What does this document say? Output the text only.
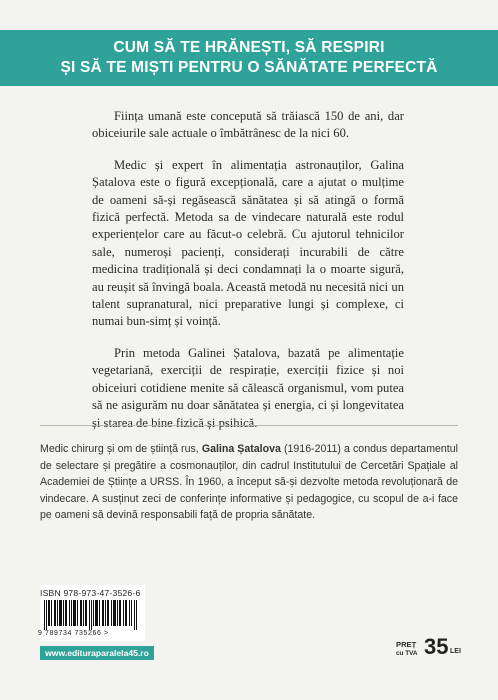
CUM SĂ TE HRĂNEȘTI, SĂ RESPIRI
ȘI SĂ TE MIȘTI PENTRU O SĂNĂTATE PERFECTĂ

Ființa umană este concepută să trăiască 150 de ani, dar obiceiurile sale actuale o îmbătrânesc de la nici 60.

Medic și expert în alimentația astronauților, Galina Șatalova este o figură excepțională, care a ajutat o mulțime de oameni să-și regăsească sănătatea și să atingă o formă fizică perfectă. Metoda sa de vindecare naturală este rodul experiențelor care au făcut-o celebră. Cu ajutorul tehnicilor sale, numeroși pacienți, considerați incurabili de către medicina tradițională și deci condamnați la o moarte sigură, au reușit să învingă boala. Această metodă nu necesită nici un talent supranatural, nici preparative lungi și complexe, ci numai bun-simț și voință.

Prin metoda Galinei Șatalova, bazată pe alimentație vegetariană, exerciții de respirație, exerciții fizice și noi obiceiuri cotidiene menite să călească organismul, vom putea să ne asigurăm nu doar sănătatea și energia, ci și longevitatea și starea de bine fizică și psihică.

Medic chirurg și om de știință rus, Galina Șatalova (1916-2011) a condus departamentul de selectare și pregătire a cosmonauților, din cadrul Institutului de Cercetări Spațiale al Academiei de Științe a URSS. În 1960, a început să-și dezvolte metoda revoluționară de vindecare. A susținut zeci de conferințe informative și pedagogice, cu scopul de a-i face pe oameni să devină responsabili față de propria sănătate.
ISBN 978-973-47-3526-6
9 789734 735266 >
www.edituraparalela45.ro
PREȚ
cu TVA 35 LEI
